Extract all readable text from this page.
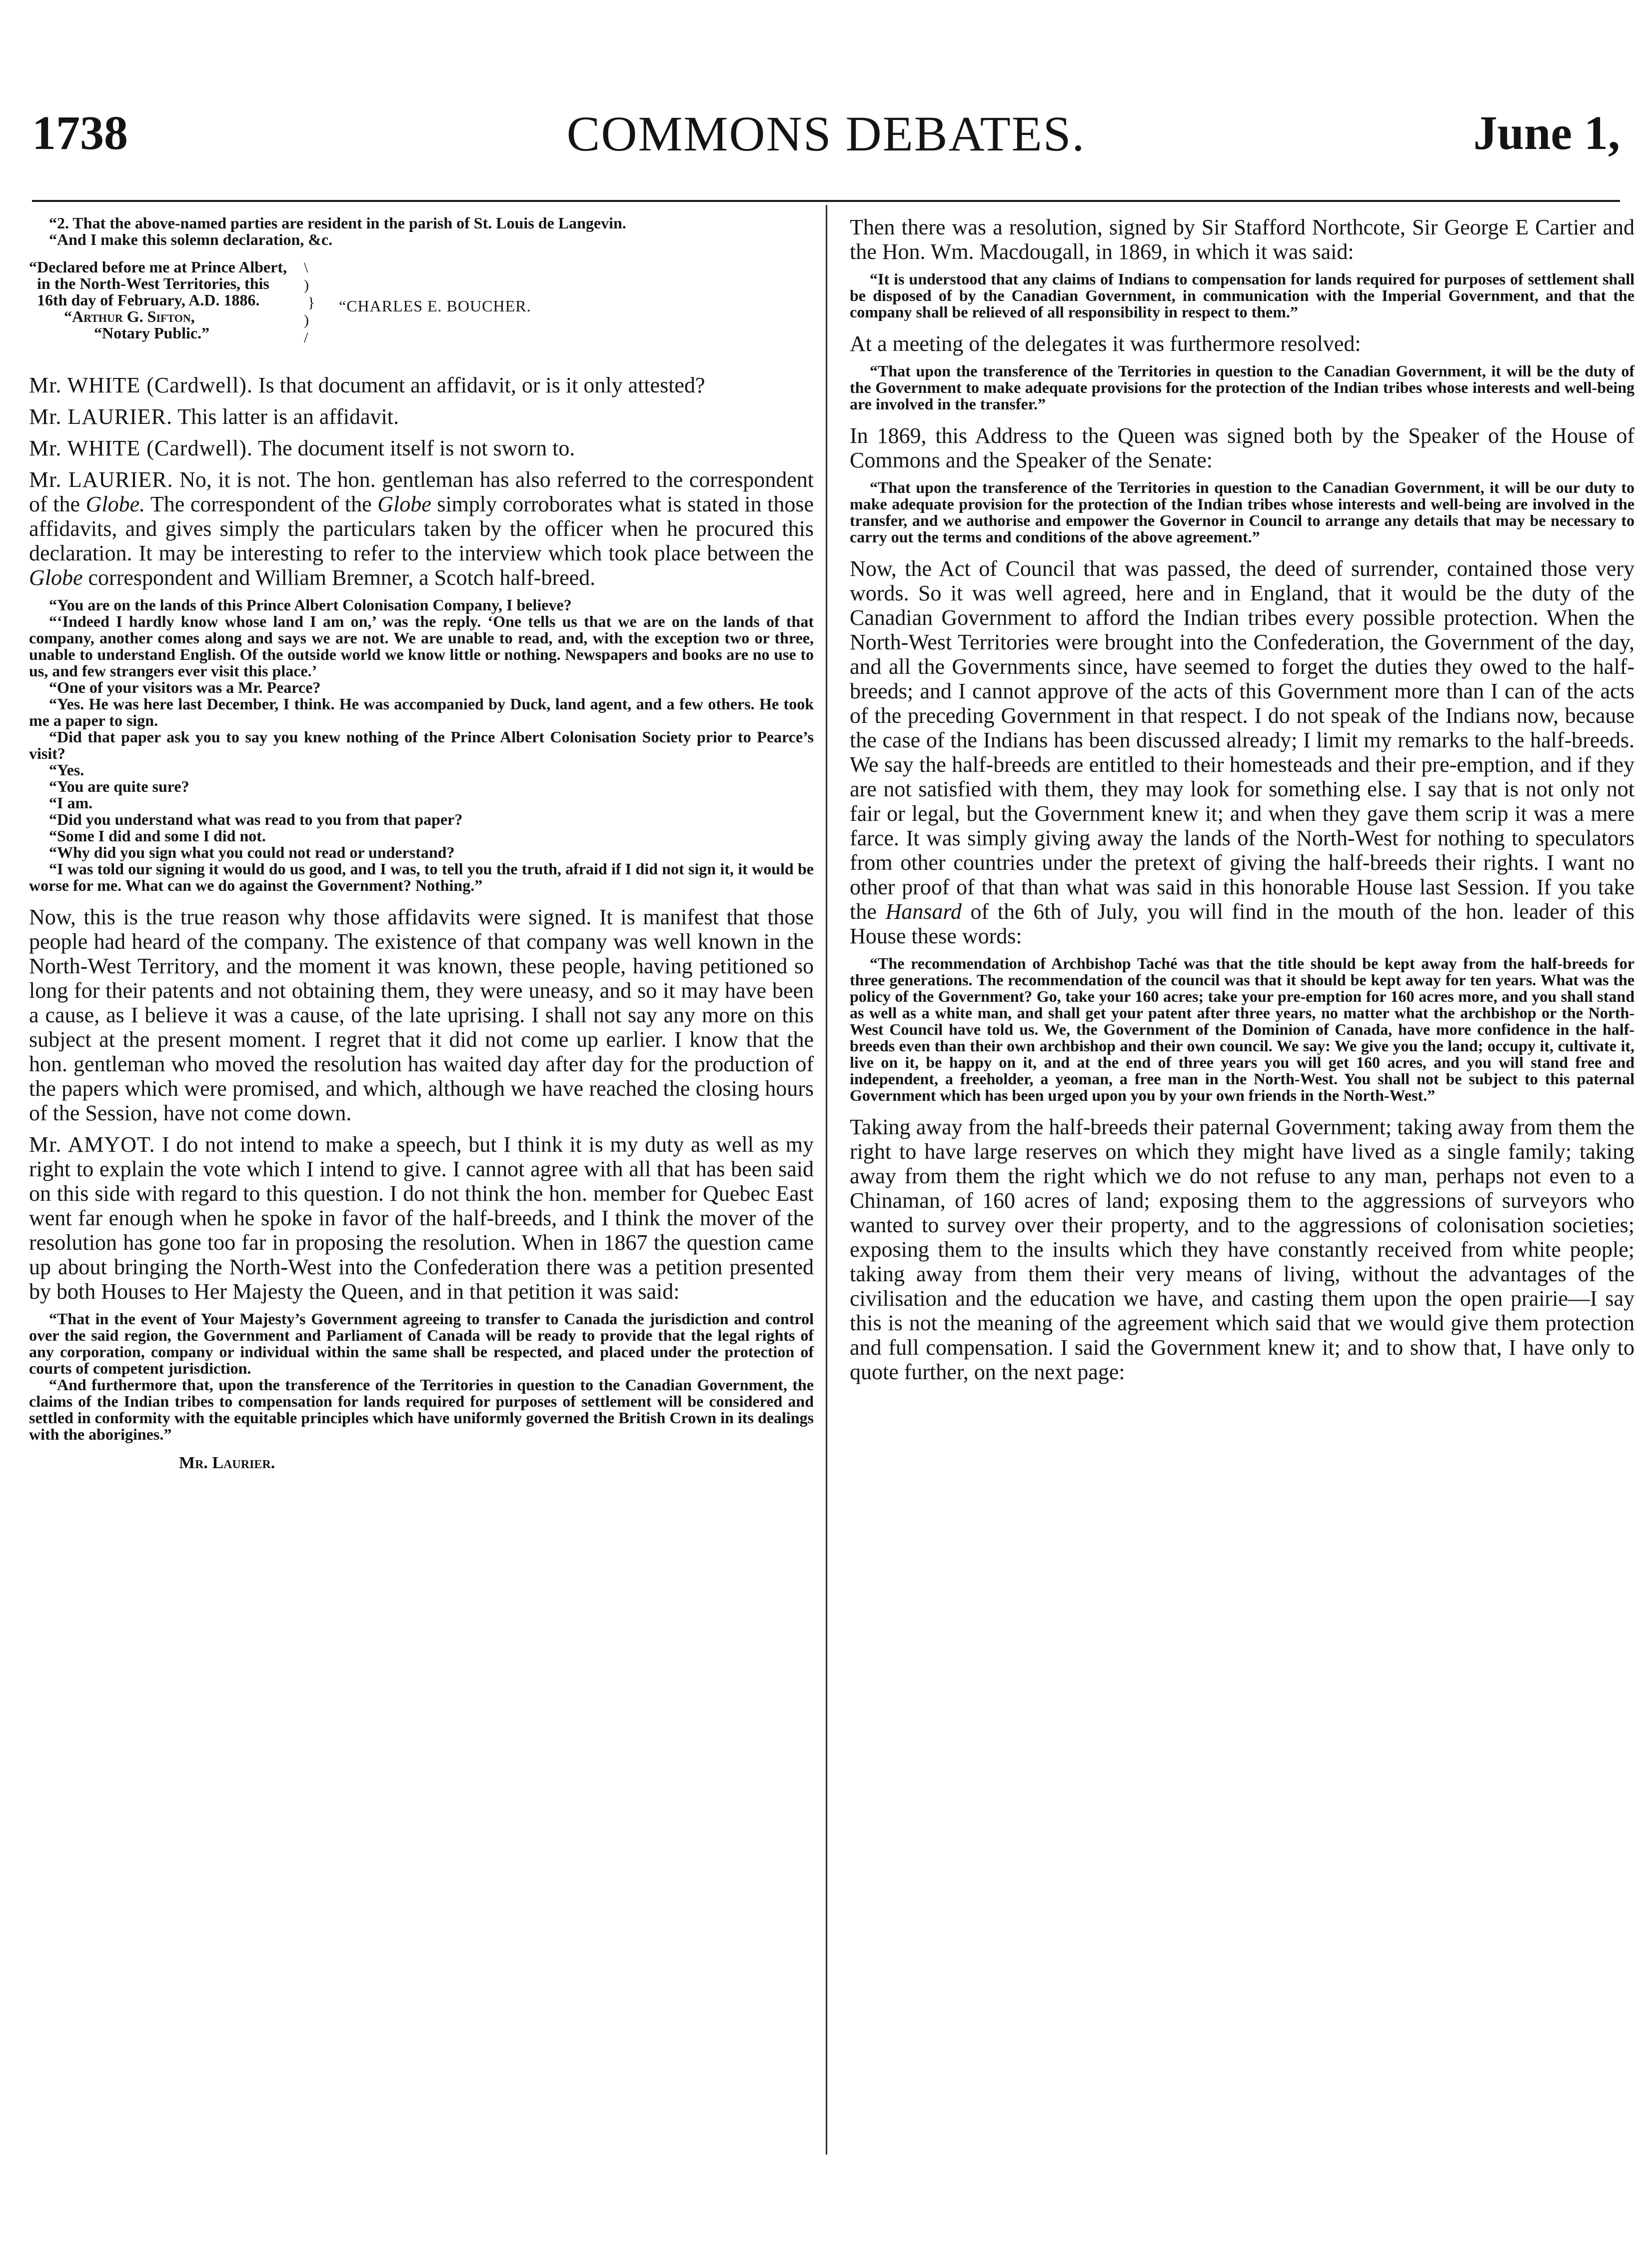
1738	COMMONS DEBATES.	June 1,
“2. That the above-named parties are resident in the parish of St. Louis de Langevin.
“And I make this solemn declaration, &c.
“Declared before me at Prince Albert,
in the North-West Territories, this
16th day of February, A.D. 1886.
“Arthur G. Sifton,
“Notary Public.”
\
)
}
)
/
“CHARLES E. BOUCHER.

Mr. WHITE (Cardwell). Is that document an affidavit, or is it only attested?

Mr. LAURIER. This latter is an affidavit.

Mr. WHITE (Cardwell). The document itself is not sworn to.

Mr. LAURIER. No, it is not. The hon. gentleman has also referred to the correspondent of the Globe. The correspondent of the Globe simply corroborates what is stated in those affidavits, and gives simply the particulars taken by the officer when he procured this declaration. It may be interesting to refer to the interview which took place between the Globe correspondent and William Bremner, a Scotch half-breed.

“You are on the lands of this Prince Albert Colonisation Company, I believe?
“‘Indeed I hardly know whose land I am on,’ was the reply. ‘One tells us that we are on the lands of that company, another comes along and says we are not. We are unable to read, and, with the exception two or three, unable to understand English. Of the outside world we know little or nothing. Newspapers and books are no use to us, and few strangers ever visit this place.’
“One of your visitors was a Mr. Pearce?
“Yes. He was here last December, I think. He was accompanied by Duck, land agent, and a few others. He took me a paper to sign.
“Did that paper ask you to say you knew nothing of the Prince Albert Colonisation Society prior to Pearce’s visit?
“Yes.
“You are quite sure?
“I am.
“Did you understand what was read to you from that paper?
“Some I did and some I did not.
“Why did you sign what you could not read or understand?
“I was told our signing it would do us good, and I was, to tell you the truth, afraid if I did not sign it, it would be worse for me. What can we do against the Government? Nothing.”

Now, this is the true reason why those affidavits were signed. It is manifest that those people had heard of the company. The existence of that company was well known in the North-West Territory, and the moment it was known, these people, having petitioned so long for their patents and not obtaining them, they were uneasy, and so it may have been a cause, as I believe it was a cause, of the late uprising. I shall not say any more on this subject at the present moment. I regret that it did not come up earlier. I know that the hon. gentleman who moved the resolution has waited day after day for the production of the papers which were promised, and which, although we have reached the closing hours of the Session, have not come down.

Mr. AMYOT. I do not intend to make a speech, but I think it is my duty as well as my right to explain the vote which I intend to give. I cannot agree with all that has been said on this side with regard to this question. I do not think the hon. member for Quebec East went far enough when he spoke in favor of the half-breeds, and I think the mover of the resolution has gone too far in proposing the resolution. When in 1867 the question came up about bringing the North-West into the Confederation there was a petition presented by both Houses to Her Majesty the Queen, and in that petition it was said:

“That in the event of Your Majesty’s Government agreeing to transfer to Canada the jurisdiction and control over the said region, the Government and Parliament of Canada will be ready to provide that the legal rights of any corporation, company or individual within the same shall be respected, and placed under the protection of courts of competent jurisdiction.
“And furthermore that, upon the transference of the Territories in question to the Canadian Government, the claims of the Indian tribes to compensation for lands required for purposes of settlement will be considered and settled in conformity with the equitable principles which have uniformly governed the British Crown in its dealings with the aborigines.”
Mr. Laurier.

Then there was a resolution, signed by Sir Stafford Northcote, Sir George E Cartier and the Hon. Wm. Macdougall, in 1869, in which it was said:

“It is understood that any claims of Indians to compensation for lands required for purposes of settlement shall be disposed of by the Canadian Government, in communication with the Imperial Government, and that the company shall be relieved of all responsibility in respect to them.”

At a meeting of the delegates it was furthermore resolved:

“That upon the transference of the Territories in question to the Canadian Government, it will be the duty of the Government to make adequate provisions for the protection of the Indian tribes whose interests and well-being are involved in the transfer.”

In 1869, this Address to the Queen was signed both by the Speaker of the House of Commons and the Speaker of the Senate:

“That upon the transference of the Territories in question to the Canadian Government, it will be our duty to make adequate provision for the protection of the Indian tribes whose interests and well-being are involved in the transfer, and we authorise and empower the Governor in Council to arrange any details that may be necessary to carry out the terms and conditions of the above agreement.”

Now, the Act of Council that was passed, the deed of surrender, contained those very words. So it was well agreed, here and in England, that it would be the duty of the Canadian Government to afford the Indian tribes every possible protection. When the North-West Territories were brought into the Confederation, the Government of the day, and all the Governments since, have seemed to forget the duties they owed to the half-breeds; and I cannot approve of the acts of this Government more than I can of the acts of the preceding Government in that respect. I do not speak of the Indians now, because the case of the Indians has been discussed already; I limit my remarks to the half-breeds. We say the half-breeds are entitled to their homesteads and their pre-emption, and if they are not satisfied with them, they may look for something else. I say that is not only not fair or legal, but the Government knew it; and when they gave them scrip it was a mere farce. It was simply giving away the lands of the North-West for nothing to speculators from other countries under the pretext of giving the half-breeds their rights. I want no other proof of that than what was said in this honorable House last Session. If you take the Hansard of the 6th of July, you will find in the mouth of the hon. leader of this House these words:

“The recommendation of Archbishop Taché was that the title should be kept away from the half-breeds for three generations. The recommendation of the council was that it should be kept away for ten years. What was the policy of the Government? Go, take your 160 acres; take your pre-emption for 160 acres more, and you shall stand as well as a white man, and shall get your patent after three years, no matter what the archbishop or the North-West Council have told us. We, the Government of the Dominion of Canada, have more confidence in the half-breeds even than their own archbishop and their own council. We say: We give you the land; occupy it, cultivate it, live on it, be happy on it, and at the end of three years you will get 160 acres, and you will stand free and independent, a freeholder, a yeoman, a free man in the North-West. You shall not be subject to this paternal Government which has been urged upon you by your own friends in the North-West.”

Taking away from the half-breeds their paternal Government; taking away from them the right to have large reserves on which they might have lived as a single family; taking away from them the right which we do not refuse to any man, perhaps not even to a Chinaman, of 160 acres of land; exposing them to the aggressions of surveyors who wanted to survey over their property, and to the aggressions of colonisation societies; exposing them to the insults which they have constantly received from white people; taking away from them their very means of living, without the advantages of the civilisation and the education we have, and casting them upon the open prairie—I say this is not the meaning of the agreement which said that we would give them protection and full compensation. I said the Government knew it; and to show that, I have only to quote further, on the next page:
